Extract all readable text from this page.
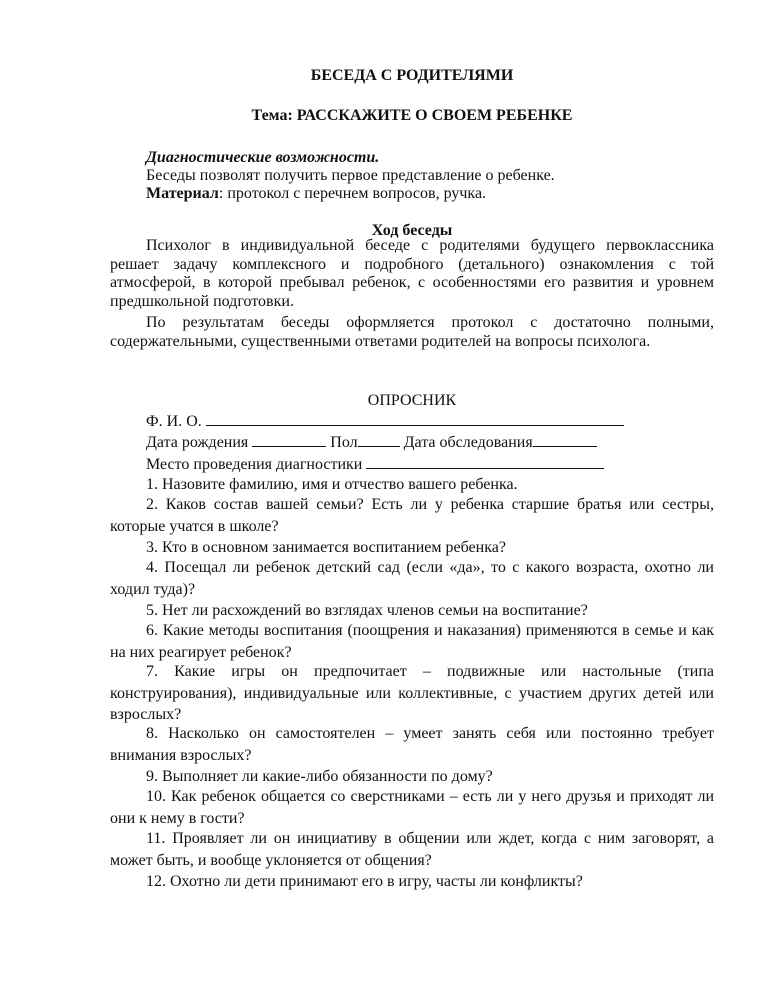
БЕСЕДА С РОДИТЕЛЯМИ
Тема: РАССКАЖИТЕ О СВОЕМ РЕБЕНКЕ
Диагностические возможности.
Беседы позволят получить первое представление о ребенке.
Материал: протокол с перечнем вопросов, ручка.
Ход беседы
Психолог в индивидуальной беседе с родителями будущего первоклассника решает задачу комплексного и подробного (детального) ознакомления с той атмосферой, в которой пребывал ребенок, с особенностями его развития и уровнем предшкольной подготовки.
По результатам беседы оформляется протокол с достаточно полными, содержательными, существенными ответами родителей на вопросы психолога.
ОПРОСНИК
Ф. И. О.
Дата рождения	Пол	Дата обследования
Место проведения диагностики
1. Назовите фамилию, имя и отчество вашего ребенка.
2. Каков состав вашей семьи? Есть ли у ребенка старшие братья или сестры, которые учатся в школе?
3. Кто в основном занимается воспитанием ребенка?
4. Посещал ли ребенок детский сад (если «да», то с какого возраста, охотно ли ходил туда)?
5. Нет ли расхождений во взглядах членов семьи на воспитание?
6. Какие методы воспитания (поощрения и наказания) применяются в семье и как на них реагирует ребенок?
7. Какие игры он предпочитает – подвижные или настольные (типа конструирования), индивидуальные или коллективные, с участием других детей или взрослых?
8. Насколько он самостоятелен – умеет занять себя или постоянно требует внимания взрослых?
9. Выполняет ли какие-либо обязанности по дому?
10. Как ребенок общается со сверстниками – есть ли у него друзья и приходят ли они к нему в гости?
11. Проявляет ли он инициативу в общении или ждет, когда с ним заговорят, а может быть, и вообще уклоняется от общения?
12. Охотно ли дети принимают его в игру, часты ли конфликты?
